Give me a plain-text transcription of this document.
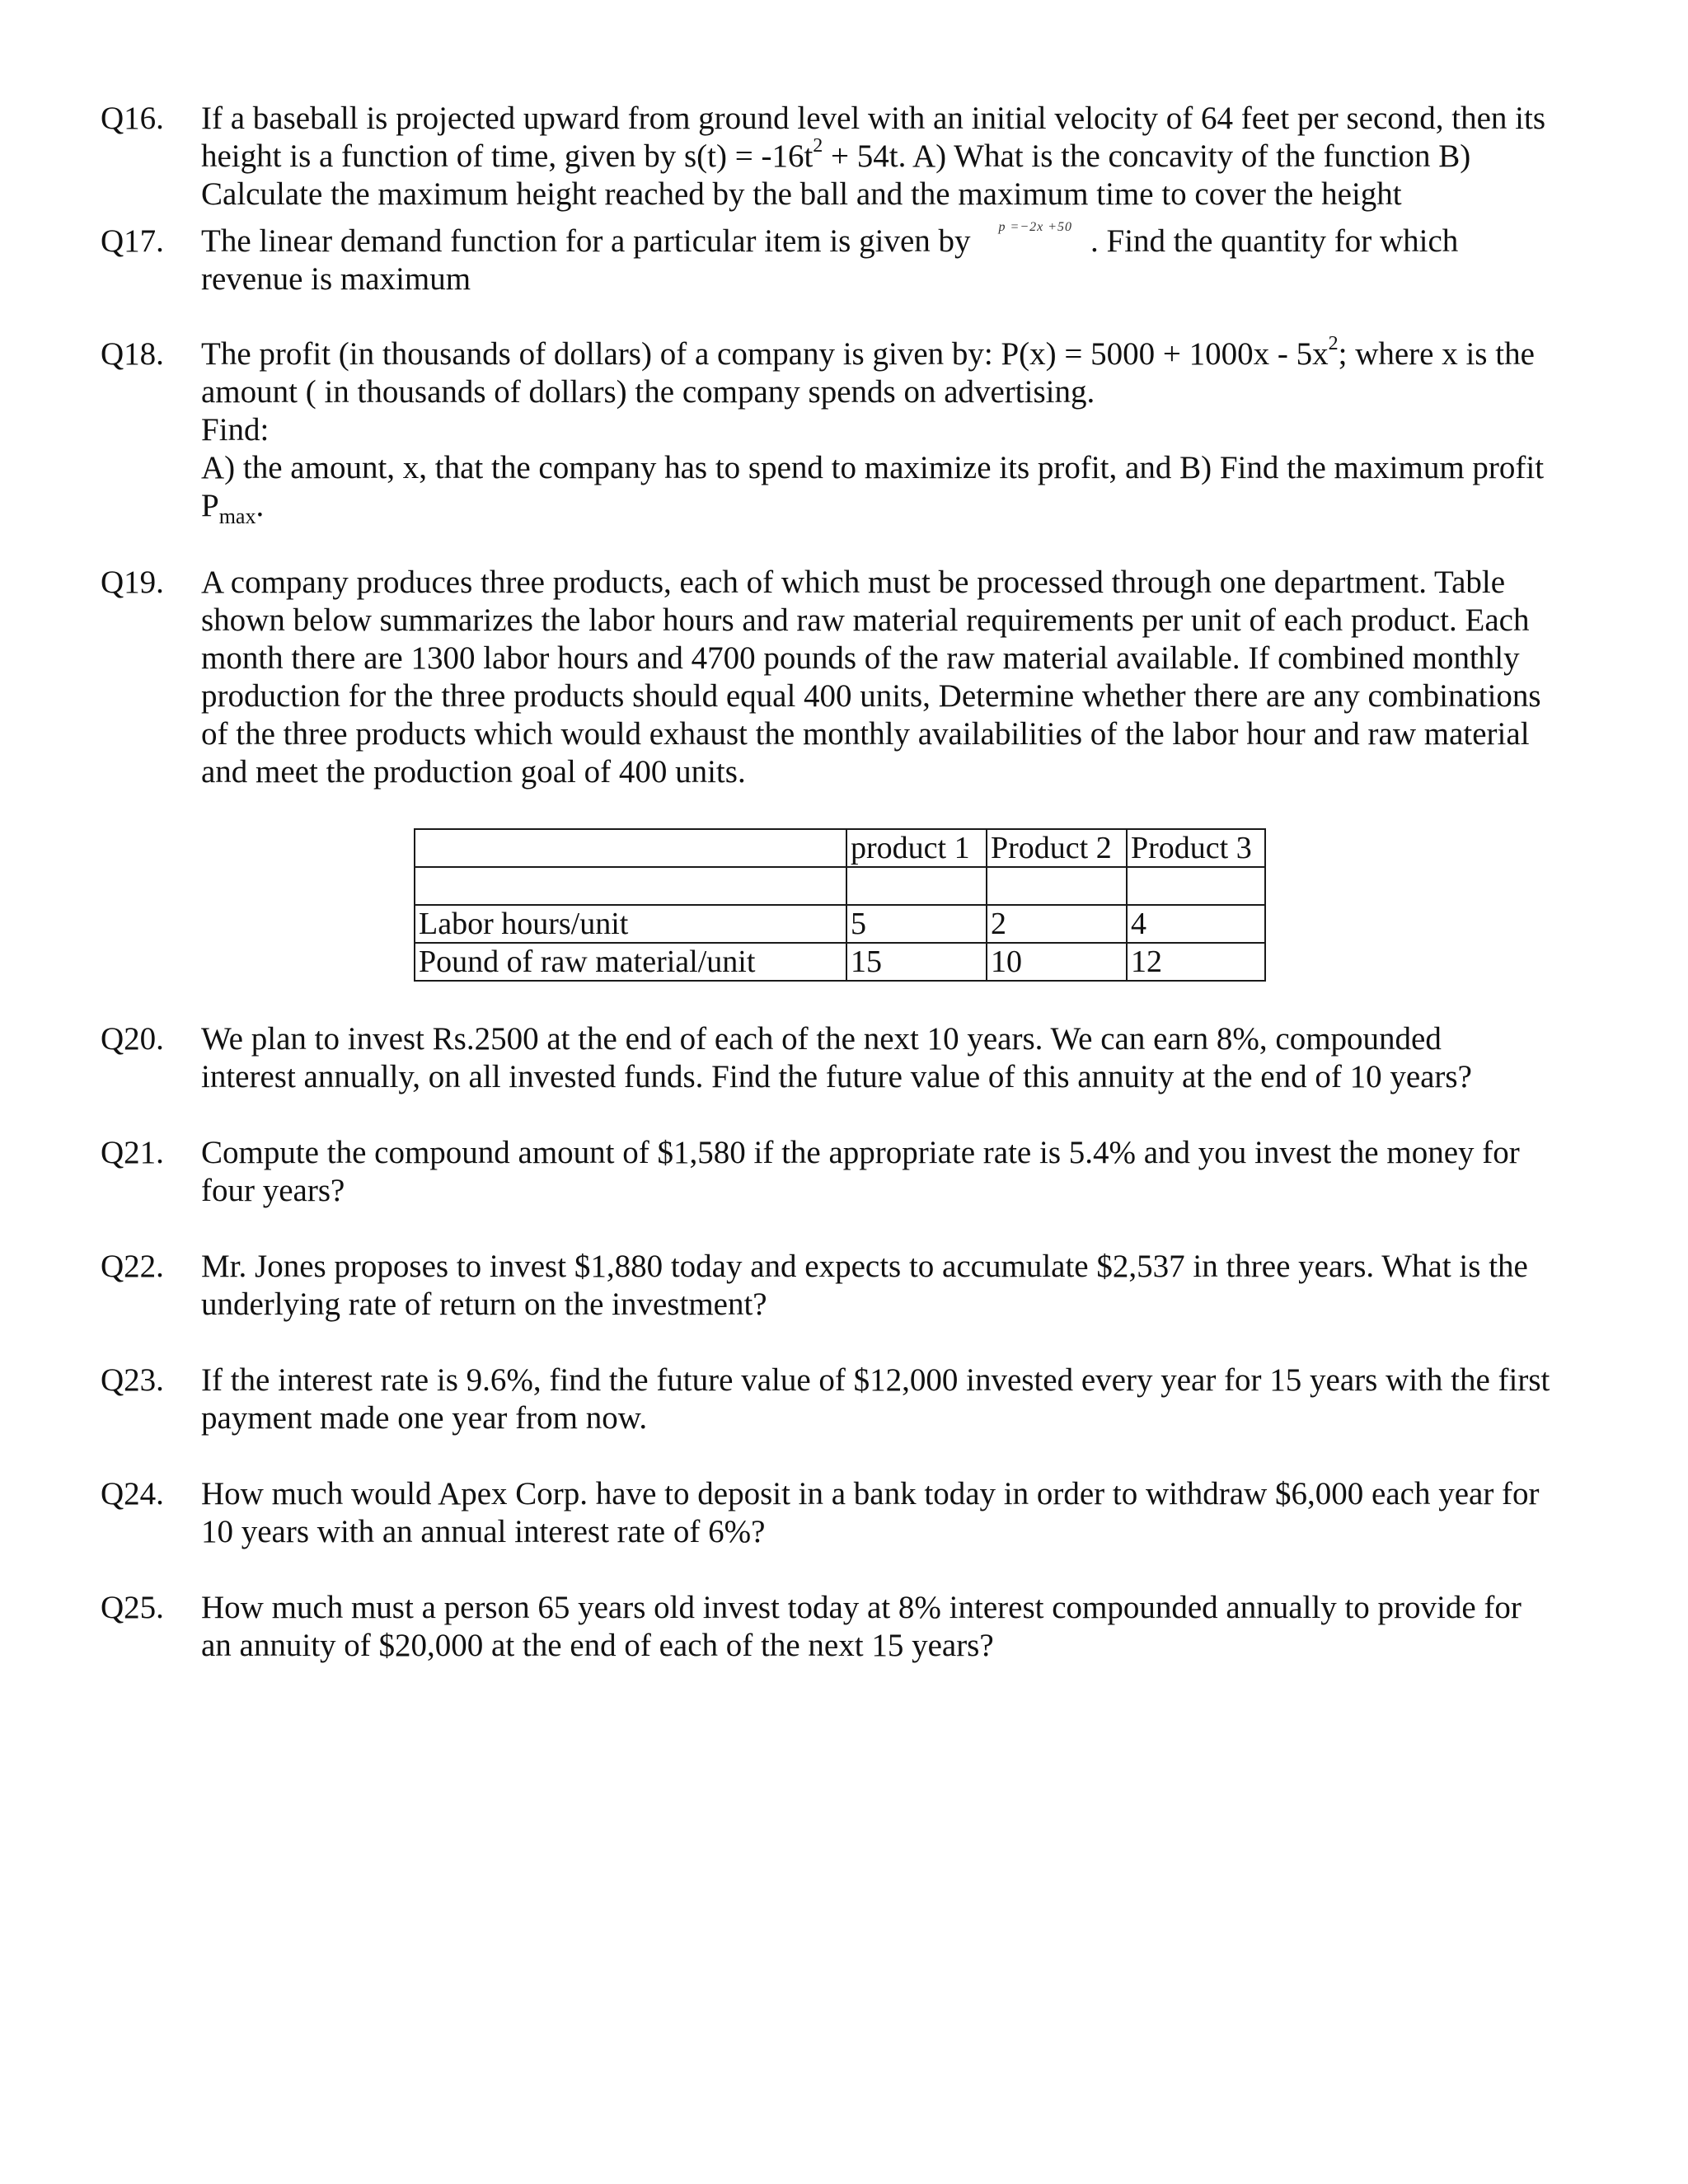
Q16.	If a baseball is projected upward from ground level with an initial velocity of 64 feet per second, then its

height is a function of time, given by $s(t) = -16t^2 + 54t$. A) What is the concavity of the function B)

Calculate the maximum height reached by the ball and the maximum time to cover the height

Q17.	The linear demand function for a particular item is given by p =−2x +50 . Find the quantity for which

revenue is maximum

Q18.	The profit (in thousands of dollars) of a company is given by: $P(x) = 5000 + 1000x - 5x^2$; where x is the

amount ( in thousands of dollars) the company spends on advertising.

Find:

A) the amount, x, that the company has to spend to maximize its profit, and B) Find the maximum profit

$P_{max}$.

Q19.	A company produces three products, each of which must be processed through one department. Table

shown below summarizes the labor hours and raw material requirements per unit of each product. Each

month there are 1300 labor hours and 4700 pounds of the raw material available. If combined monthly

production for the three products should equal 400 units, Determine whether there are any combinations

of the three products which would exhaust the monthly availabilities of the labor hour and raw material

and meet the production goal of 400 units.

	product 1	Product 2	Product 3

Labor hours/unit	5	2	4
Pound of raw material/unit	15	10	12
Q20.	We plan to invest Rs.2500 at the end of each of the next 10 years. We can earn 8%, compounded

interest annually, on all invested funds. Find the future value of this annuity at the end of 10 years?

Q21.	Compute the compound amount of $1,580 if the appropriate rate is 5.4% and you invest the money for

four years?

Q22.	Mr. Jones proposes to invest $1,880 today and expects to accumulate $2,537 in three years. What is the

underlying rate of return on the investment?

Q23.	If the interest rate is 9.6%, find the future value of $12,000 invested every year for 15 years with the first

payment made one year from now.

Q24.	How much would Apex Corp. have to deposit in a bank today in order to withdraw $6,000 each year for

10 years with an annual interest rate of 6%?

Q25.	How much must a person 65 years old invest today at 8% interest compounded annually to provide for

an annuity of $20,000 at the end of each of the next 15 years?
